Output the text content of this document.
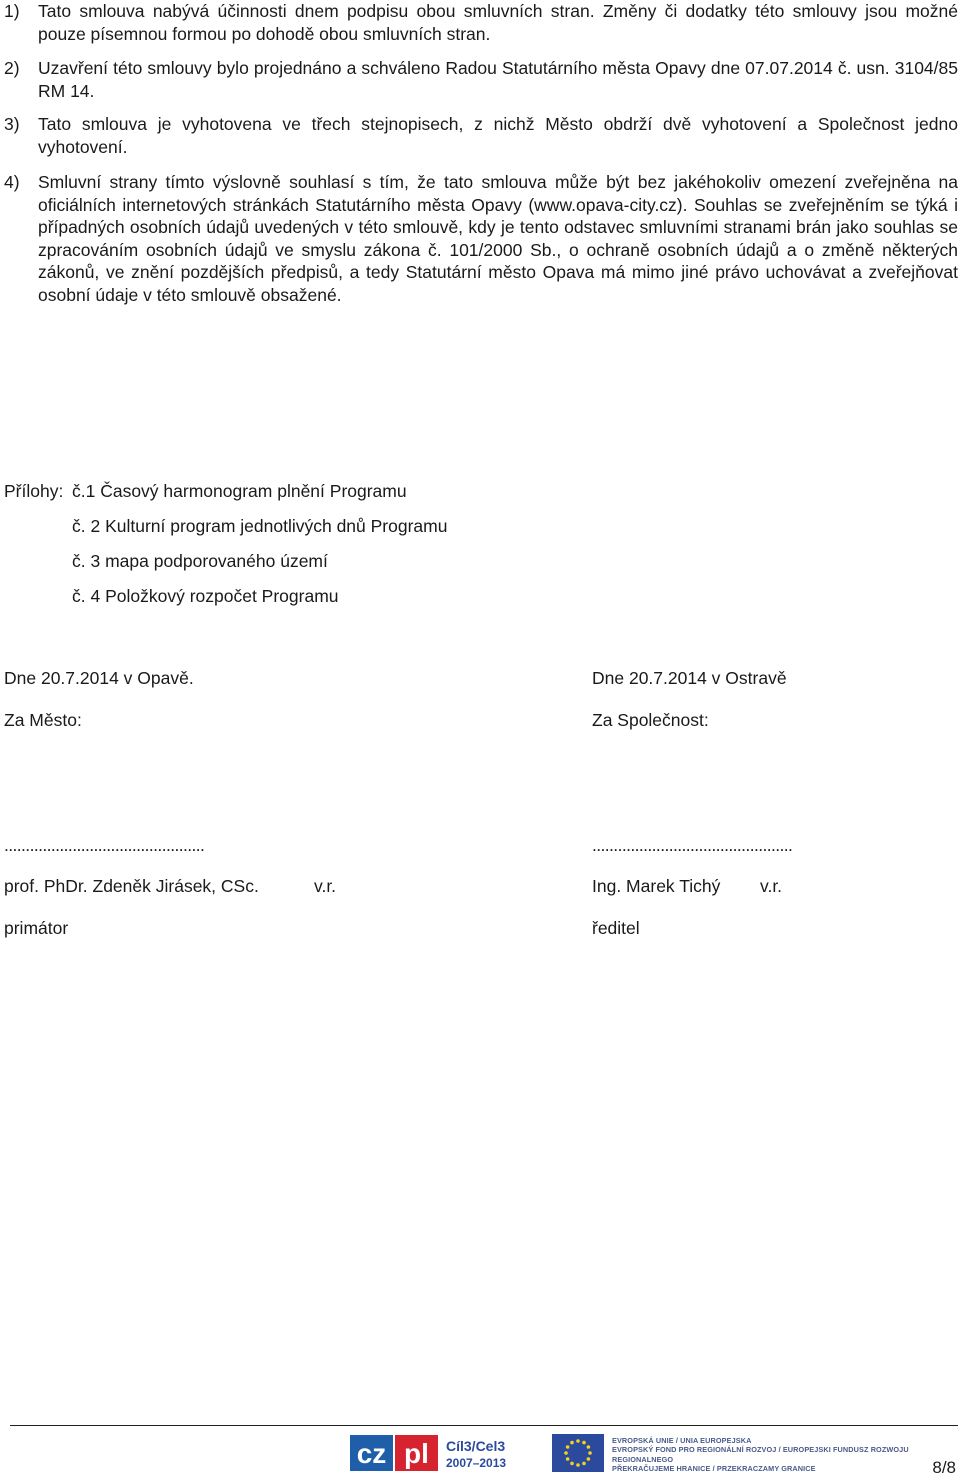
1) Tato smlouva nabývá účinnosti dnem podpisu obou smluvních stran. Změny či dodatky této smlouvy jsou možné pouze písemnou formou po dohodě obou smluvních stran.
2) Uzavření této smlouvy bylo projednáno a schváleno Radou Statutárního města Opavy dne 07.07.2014 č. usn. 3104/85 RM 14.
3) Tato smlouva je vyhotovena ve třech stejnopisech, z nichž Město obdrží dvě vyhotovení a Společnost jedno vyhotovení.
4) Smluvní strany tímto výslovně souhlasí s tím, že tato smlouva může být bez jakéhokoliv omezení zveřejněna na oficiálních internetových stránkách Statutárního města Opavy (www.opava-city.cz). Souhlas se zveřejněním se týká i případných osobních údajů uvedených v této smlouvě, kdy je tento odstavec smluvními stranami brán jako souhlas se zpracováním osobních údajů ve smyslu zákona č. 101/2000 Sb., o ochraně osobních údajů a o změně některých zákonů, ve znění pozdějších předpisů, a tedy Statutární město Opava má mimo jiné právo uchovávat a zveřejňovat osobní údaje v této smlouvě obsažené.
Přílohy: č.1 Časový harmonogram plnění Programu
č. 2 Kulturní program jednotlivých dnů Programu
č. 3 mapa podporovaného území
č. 4 Položkový rozpočet Programu
Dne 20.7.2014 v Opavě.
Za Město:
...............................................
prof. PhDr. Zdeněk Jirásek, CSc.	v.r.
primátor
Dne 20.7.2014 v Ostravě
Za Společnost:
...............................................
Ing. Marek Tichý v.r.
ředitel
cz pl Cíl3/Cel3
2007–2013
EVROPSKÁ UNIE / UNIA EUROPEJSKA
EVROPSKÝ FOND PRO REGIONÁLNÍ ROZVOJ / EUROPEJSKI FUNDUSZ ROZWOJU REGIONALNEGO
PŘEKRAČUJEME HRANICE / PRZEKRACZAMY GRANICE	8/8
